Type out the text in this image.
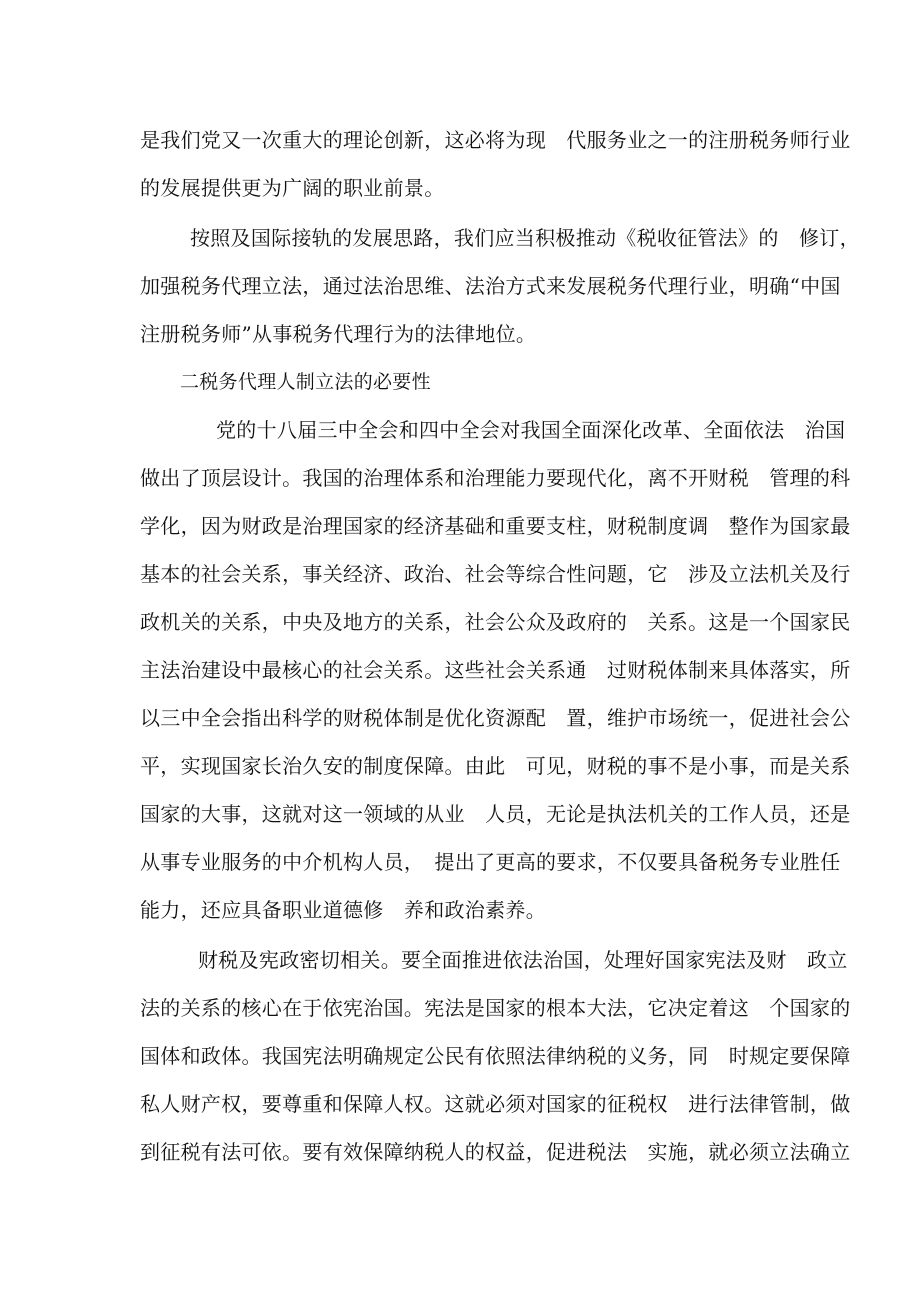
是我们党又一次重大的理论创新，这必将为现　代服务业之一的注册税务师行业
的发展提供更为广阔的职业前景。
按照及国际接轨的发展思路，我们应当积极推动《税收征管法》的　修订，
加强税务代理立法，通过法治思维、法治方式来发展税务代理行业，明确“中国
注册税务师”从事税务代理行为的法律地位。
二税务代理人制立法的必要性
党的十八届三中全会和四中全会对我国全面深化改革、全面依法　治国
做出了顶层设计。我国的治理体系和治理能力要现代化，离不开财税　管理的科
学化，因为财政是治理国家的经济基础和重要支柱，财税制度调　整作为国家最
基本的社会关系，事关经济、政治、社会等综合性问题，它　涉及立法机关及行
政机关的关系，中央及地方的关系，社会公众及政府的　关系。这是一个国家民
主法治建设中最核心的社会关系。这些社会关系通　过财税体制来具体落实，所
以三中全会指出科学的财税体制是优化资源配　置，维护市场统一，促进社会公
平，实现国家长治久安的制度保障。由此　可见，财税的事不是小事，而是关系
国家的大事，这就对这一领域的从业　人员，无论是执法机关的工作人员，还是
从事专业服务的中介机构人员，　提出了更高的要求，不仅要具备税务专业胜任
能力，还应具备职业道德修　养和政治素养。
财税及宪政密切相关。要全面推进依法治国，处理好国家宪法及财　政立
法的关系的核心在于依宪治国。宪法是国家的根本大法，它决定着这　个国家的
国体和政体。我国宪法明确规定公民有依照法律纳税的义务，同　时规定要保障
私人财产权，要尊重和保障人权。这就必须对国家的征税权　进行法律管制，做
到征税有法可依。要有效保障纳税人的权益，促进税法　实施，就必须立法确立
